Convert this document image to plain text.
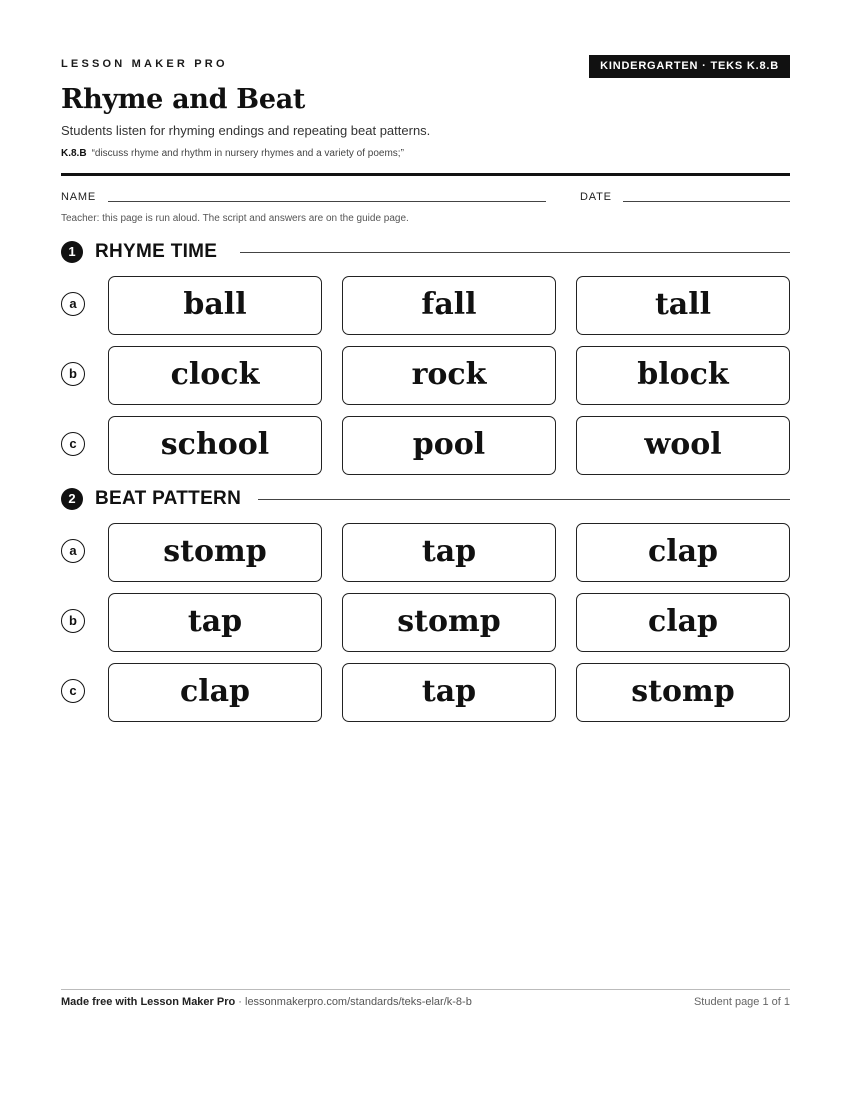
LESSON MAKER PRO	KINDERGARTEN · TEKS K.8.B
Rhyme and Beat
Students listen for rhyming endings and repeating beat patterns.
K.8.B “discuss rhyme and rhythm in nursery rhymes and a variety of poems;”
NAME	DATE
Teacher: this page is run aloud. The script and answers are on the guide page.
1	RHYME TIME
a	ball	fall	tall
b	clock	rock	block
c	school	pool	wool
2	BEAT PATTERN
a	stomp	tap	clap
b	tap	stomp	clap
c	clap	tap	stomp
Made free with Lesson Maker Pro · lessonmakerpro.com/standards/teks-elar/k-8-b	Student page 1 of 1
